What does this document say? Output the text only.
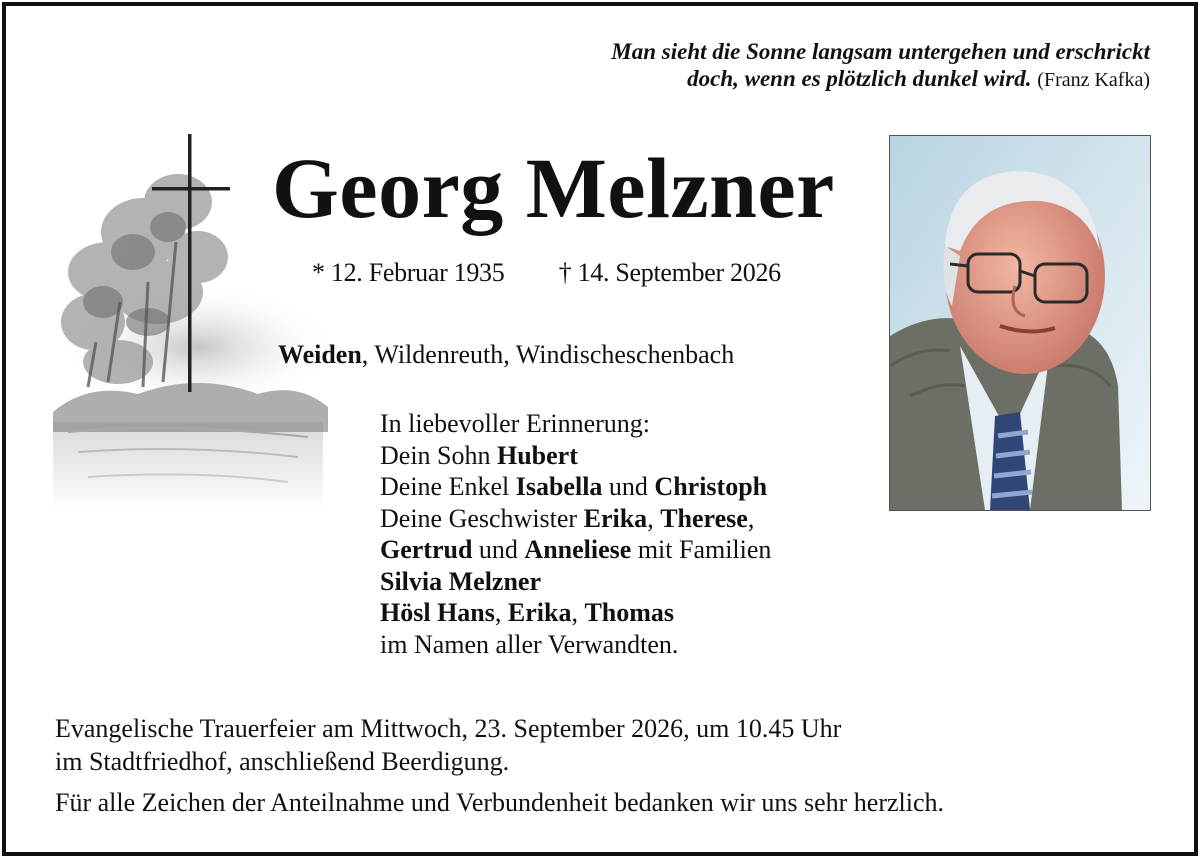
Man sieht die Sonne langsam untergehen und erschrickt
doch, wenn es plötzlich dunkel wird. (Franz Kafka)
Georg Melzner
* 12. Februar 1935 † 14. September 2026
Weiden, Wildenreuth, Windischeschenbach
In liebevoller Erinnerung:
Dein Sohn Hubert
Deine Enkel Isabella und Christoph
Deine Geschwister Erika, Therese,
Gertrud und Anneliese mit Familien
Silvia Melzner
Hösl Hans, Erika, Thomas
im Namen aller Verwandten.
Evangelische Trauerfeier am Mittwoch, 23. September 2026, um 10.45 Uhr
im Stadtfriedhof, anschließend Beerdigung.
Für alle Zeichen der Anteilnahme und Verbundenheit bedanken wir uns sehr herzlich.
